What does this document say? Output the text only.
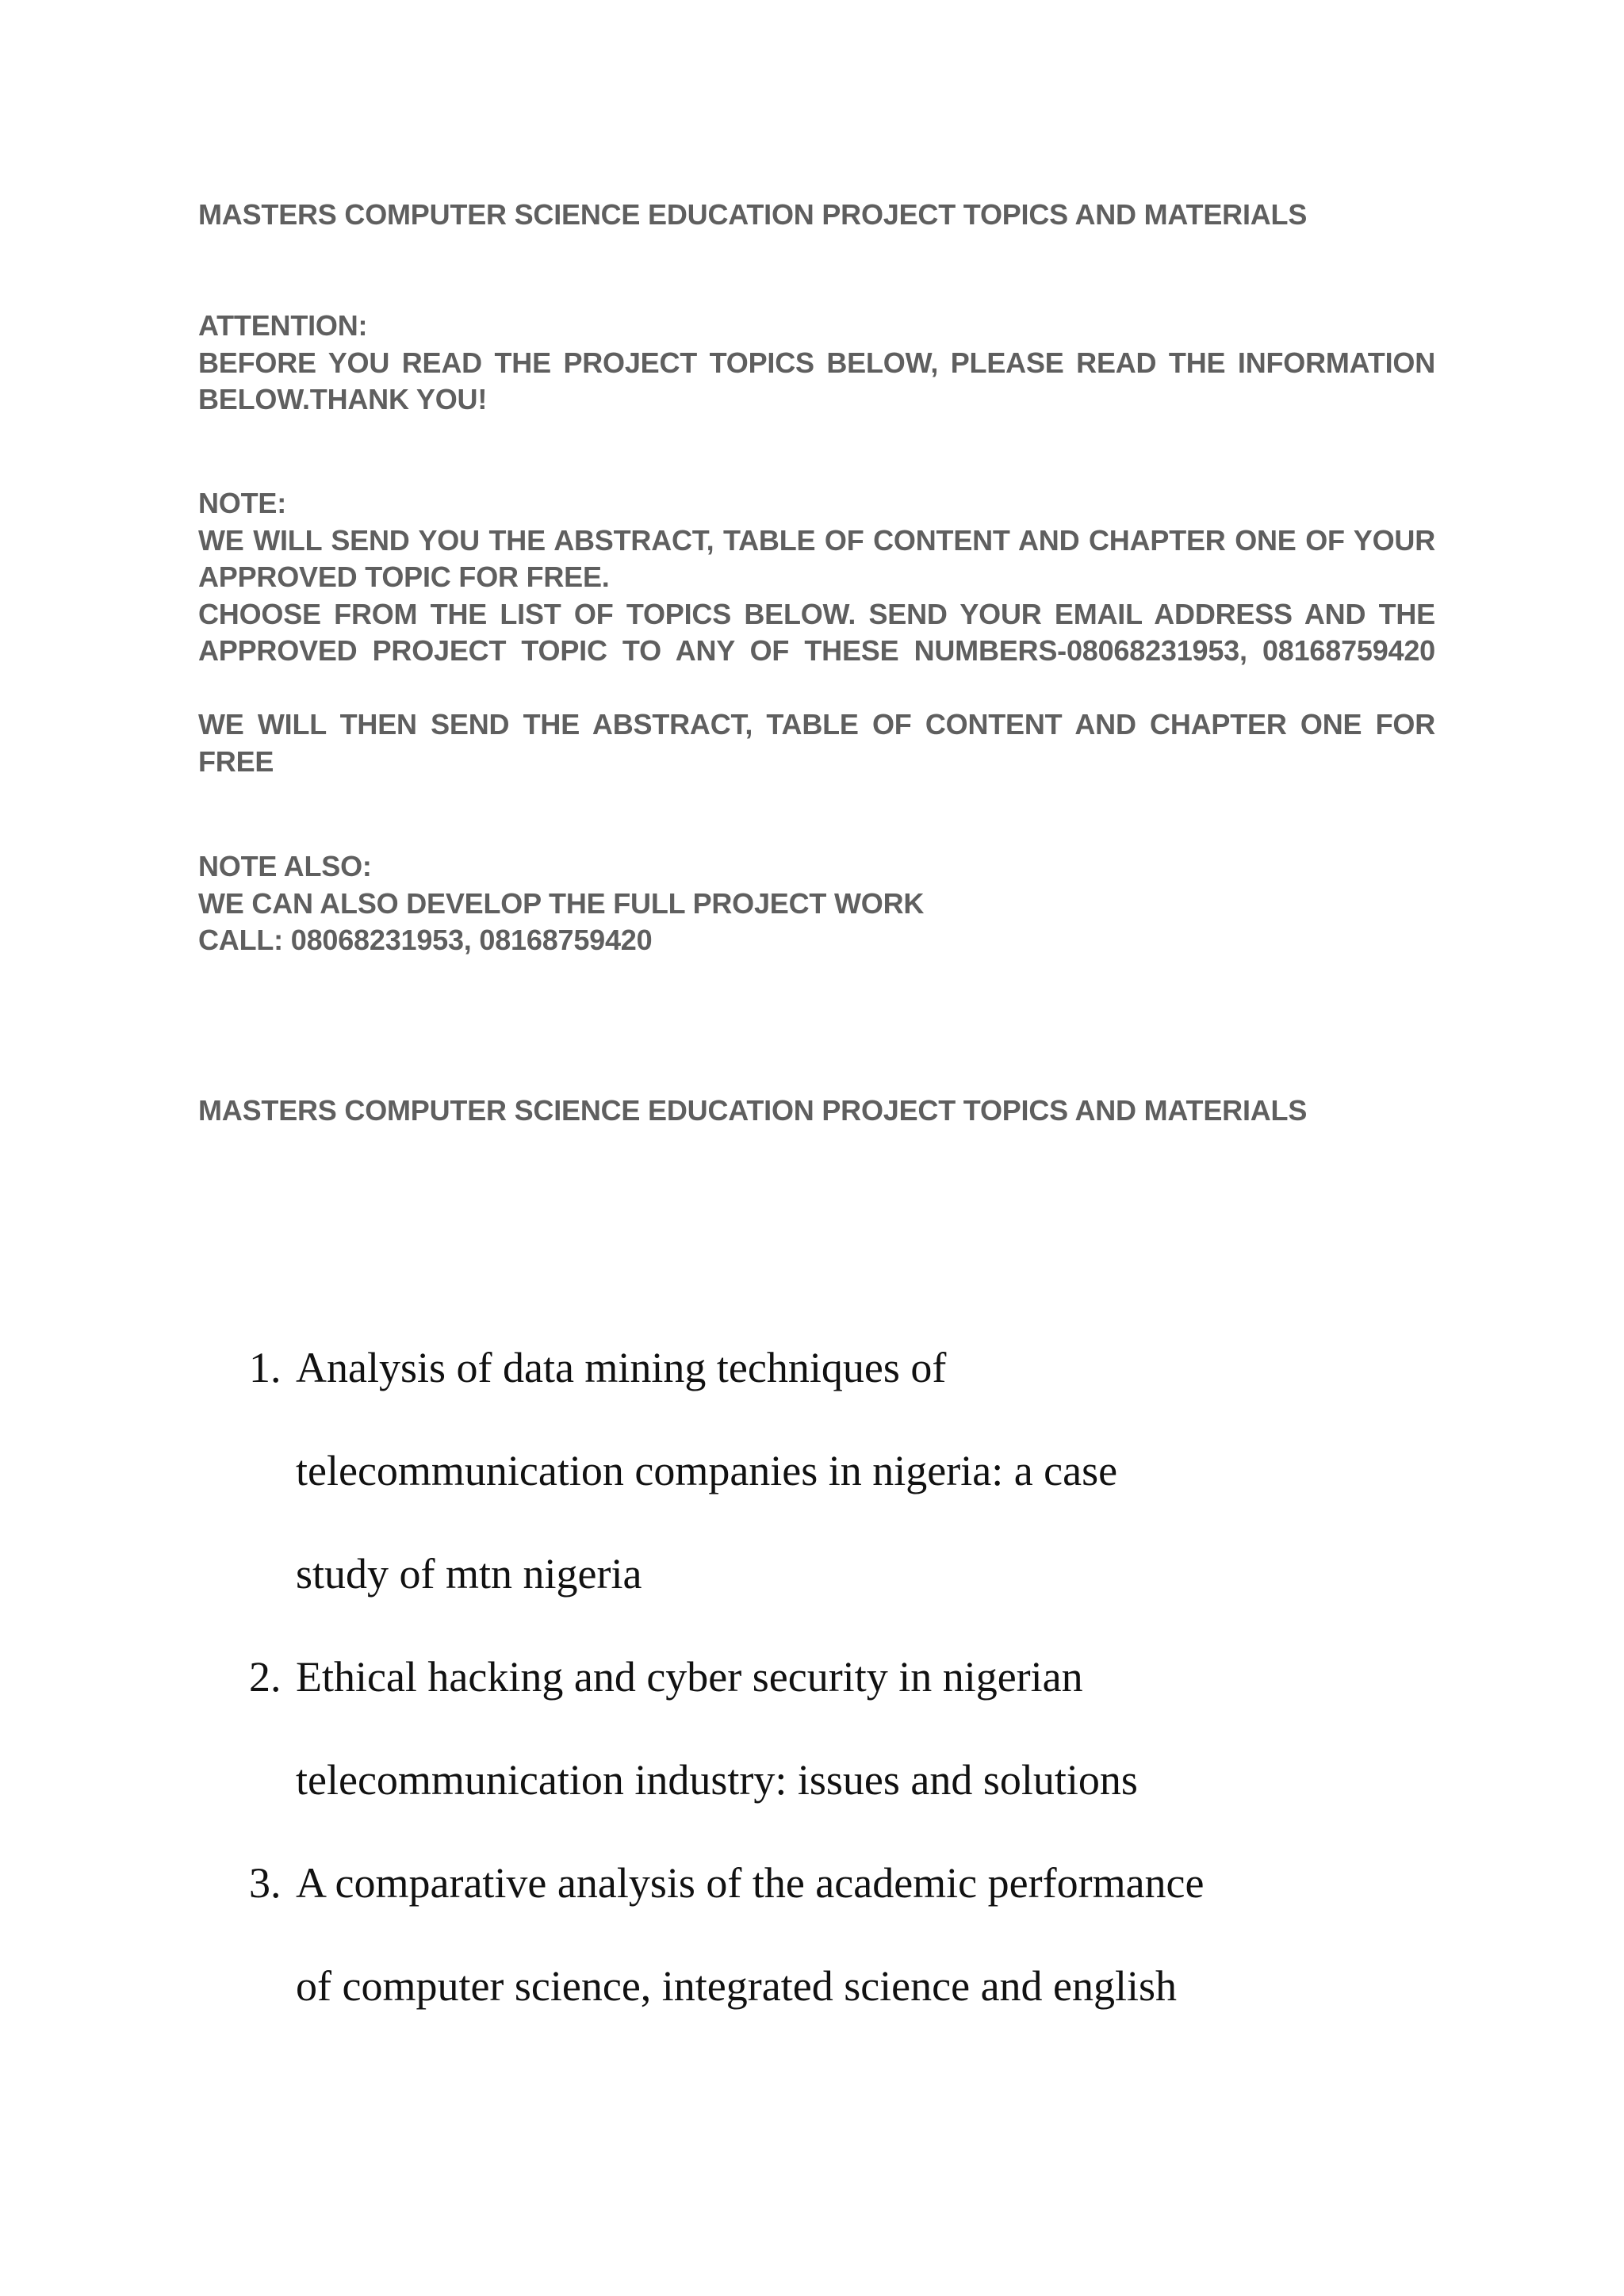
MASTERS COMPUTER SCIENCE EDUCATION PROJECT TOPICS AND MATERIALS

ATTENTION:
BEFORE YOU READ THE PROJECT TOPICS BELOW, PLEASE READ THE INFORMATION
BELOW.THANK YOU!

NOTE:
WE WILL SEND YOU THE ABSTRACT, TABLE OF CONTENT AND CHAPTER ONE OF YOUR
APPROVED TOPIC FOR FREE.
CHOOSE FROM THE LIST OF TOPICS BELOW. SEND YOUR EMAIL ADDRESS AND THE
APPROVED PROJECT TOPIC TO ANY OF THESE NUMBERS-08068231953, 08168759420

WE WILL THEN SEND THE ABSTRACT, TABLE OF CONTENT AND CHAPTER ONE FOR
FREE

NOTE ALSO:
WE CAN ALSO DEVELOP THE FULL PROJECT WORK
CALL: 08068231953, 08168759420

MASTERS COMPUTER SCIENCE EDUCATION PROJECT TOPICS AND MATERIALS

1. Analysis of data mining techniques of
telecommunication companies in nigeria: a case
study of mtn nigeria
2. Ethical hacking and cyber security in nigerian
telecommunication industry: issues and solutions
3. A comparative analysis of the academic performance
of computer science, integrated science and english
